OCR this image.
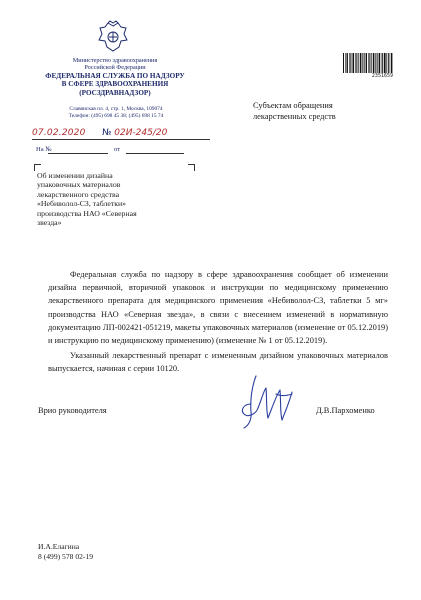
Министерство здравоохранения
Российской Федерации
ФЕДЕРАЛЬНАЯ СЛУЖБА ПО НАДЗОРУ
В СФЕРЕ ЗДРАВООХРАНЕНИЯ
(РОСЗДРАВНАДЗОР)
Славянская пл. 4, стр. 1, Москва, 109074
Телефон: (495) 698 45 38; (495) 698 15 74
07.02.2020 № 02И-245/20
На №	от
Об изменении дизайна
упаковочных материалов
лекарственного средства
«Небиволол-СЗ, таблетки»
производства НАО «Северная
звезда»
2351659
Субъектам обращения
лекарственных средств

Федеральная служба по надзору в сфере здравоохранения сообщает об изменении дизайна первичной, вторичной упаковок и инструкции по медицинскому применению лекарственного препарата для медицинского применения «Небиволол-СЗ, таблетки 5 мг» производства НАО «Северная звезда», в связи с внесением изменений в нормативную документацию ЛП-002421-051219, макеты упаковочных материалов (изменение от 05.12.2019) и инструкцию по медицинскому применению) (изменение № 1 от 05.12.2019).

Указанный лекарственный препарат с измененным дизайном упаковочных материалов выпускается, начиная с серии 10120.

Врио руководителя	Д.В.Пархоменко
И.А.Елагина
8 (499) 578 02-19
